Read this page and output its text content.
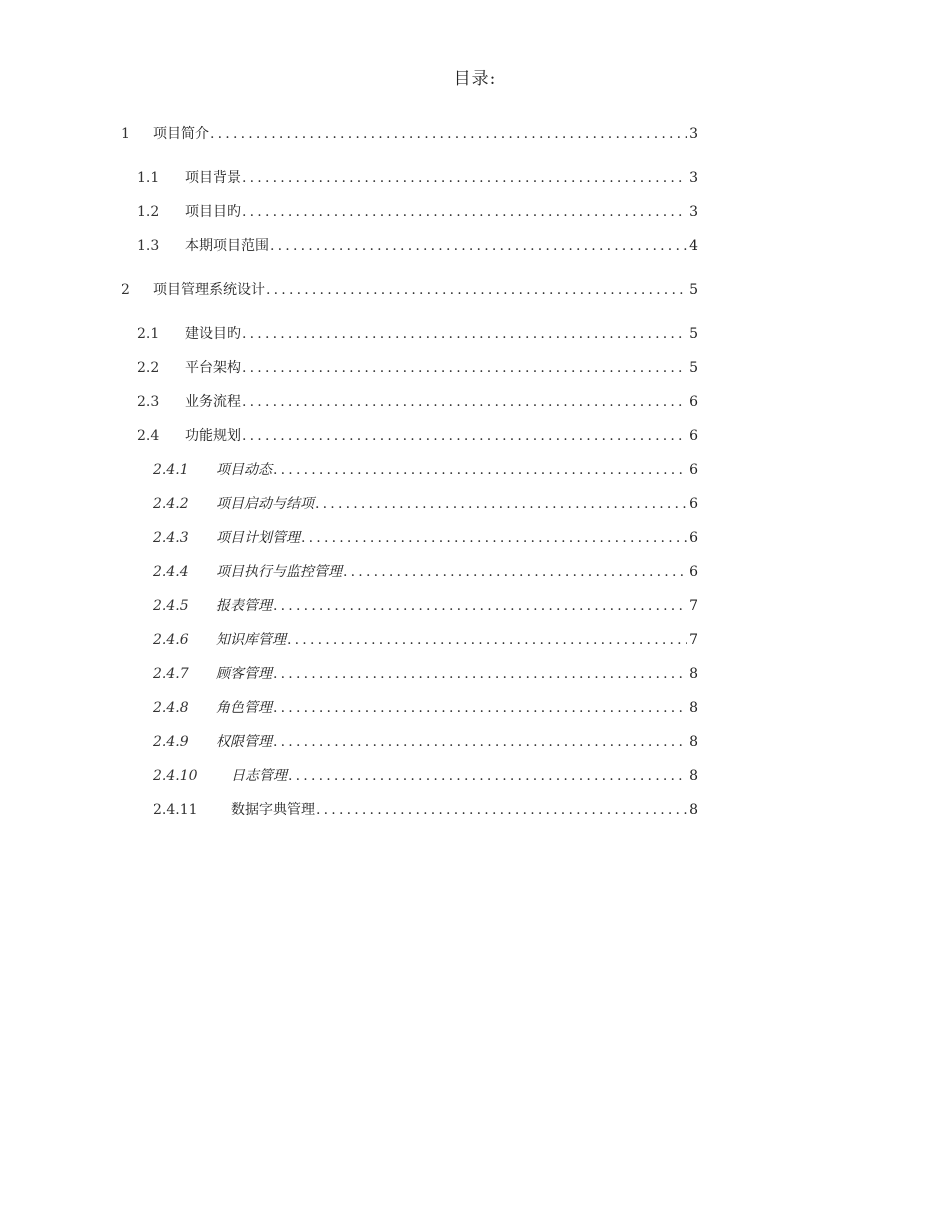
目录:
1	项目简介 .....	3

1.1	项目背景 .....	3
1.2	项目目旳 .....	3
1.3	本期项目范围 .....	4
2	项目管理系统设计 .....	5
2.1	建设目旳 .....	5
2.2	平台架构 .....	5
2.3	业务流程 .....	6
2.4	功能规划 .....	6
2.4.1	项目动态 .....	6
2.4.2	项目启动与结项 .....	6
2.4.3	项目计划管理 .....	6
2.4.4	项目执行与监控管理 .....	6
2.4.5	报表管理 .....	7
2.4.6	知识库管理 .....	7
2.4.7	顾客管理 .....	8
2.4.8	角色管理 .....	8
2.4.9	权限管理 .....	8
2.4.10	日志管理 .....	8
2.4.11	数据字典管理 .....	8
